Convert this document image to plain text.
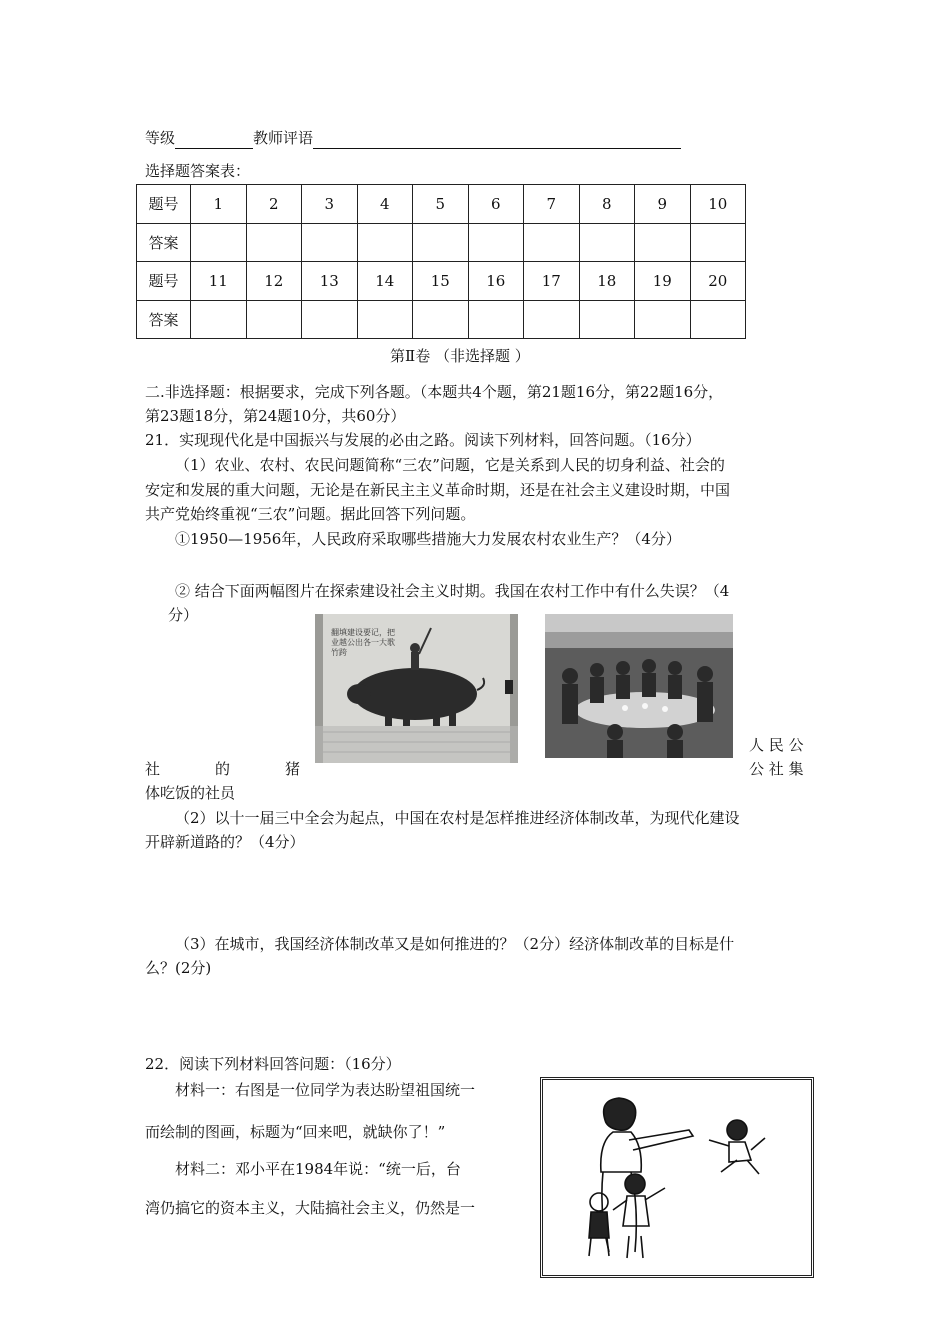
等级	教师评语
选择题答案表：
题号	1	2	3	4	5	6	7	8	9	10
答案										
题号	11	12	13	14	15	16	17	18	19	20
答案										
第Ⅱ卷 （非选择题 ）
二.非选择题：根据要求，完成下列各题。（本题共4个题，第21题16分，第22题16分，
第23题18分，第24题10分，共60分）
21．实现现代化是中国振兴与发展的必由之路。阅读下列材料，回答问题。（16分）
（1）农业、农村、农民问题简称“三农”问题，它是关系到人民的切身利益、社会的
安定和发展的重大问题，无论是在新民主主义革命时期，还是在社会主义建设时期，中国
共产党始终重视“三农”问题。据此回答下列问题。
①1950—1956年，人民政府采取哪些措施大力发展农村农业生产？（4分）
② 结合下面两幅图片在探索建设社会主义时期。我国在农村工作中有什么失误？（4
分）
翻填建设要记，把业越公出各一大歌竹跨
社	的	猪
人 民 公
公 社 集
体吃饭的社员
（2）以十一届三中全会为起点，中国在农村是怎样推进经济体制改革，为现代化建设
开辟新道路的？（4分）
（3）在城市，我国经济体制改革又是如何推进的？（2分）经济体制改革的目标是什
么？(2分)
22．阅读下列材料回答问题：（16分）
材料一：右图是一位同学为表达盼望祖国统一
而绘制的图画，标题为“回来吧，就缺你了！”
材料二：邓小平在1984年说：“统一后，台
湾仍搞它的资本主义，大陆搞社会主义，仍然是一
